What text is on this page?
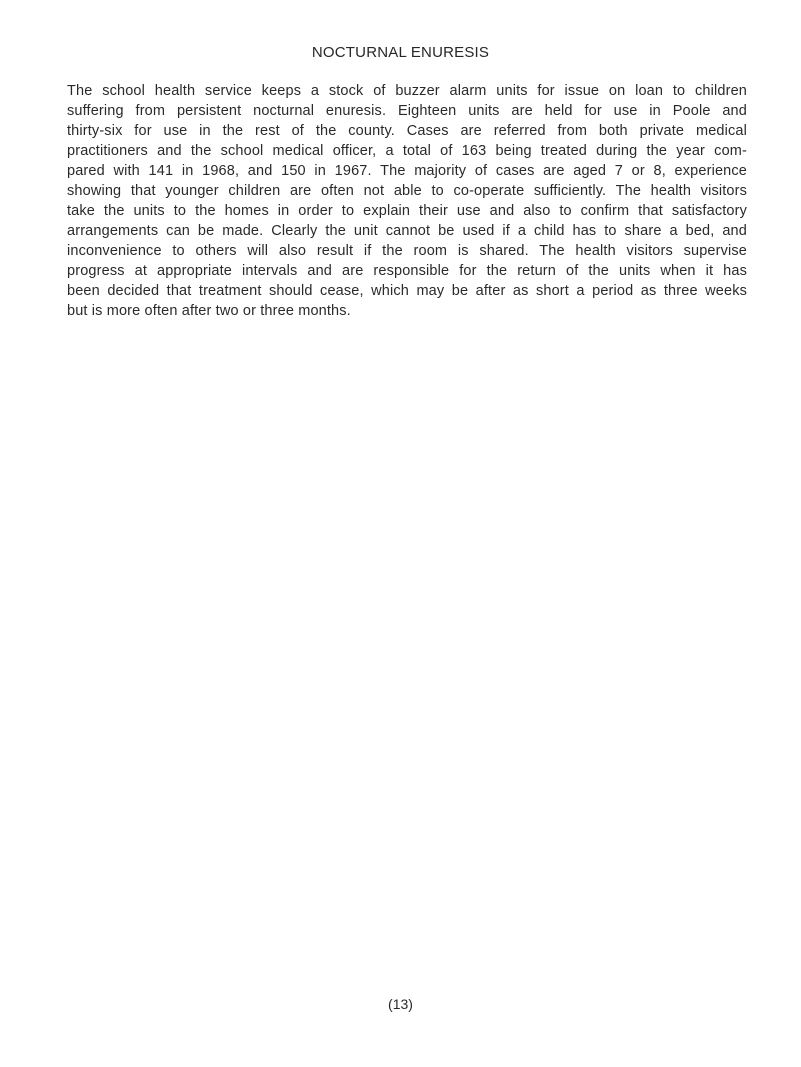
NOCTURNAL ENURESIS
The school health service keeps a stock of buzzer alarm units for issue on loan to children
suffering from persistent nocturnal enuresis. Eighteen units are held for use in Poole and
thirty-six for use in the rest of the county. Cases are referred from both private medical
practitioners and the school medical officer, a total of 163 being treated during the year com-
pared with 141 in 1968, and 150 in 1967. The majority of cases are aged 7 or 8, experience
showing that younger children are often not able to co-operate sufficiently. The health visitors
take the units to the homes in order to explain their use and also to confirm that satisfactory
arrangements can be made. Clearly the unit cannot be used if a child has to share a bed, and
inconvenience to others will also result if the room is shared. The health visitors supervise
progress at appropriate intervals and are responsible for the return of the units when it has
been decided that treatment should cease, which may be after as short a period as three weeks
but is more often after two or three months.
(13)
